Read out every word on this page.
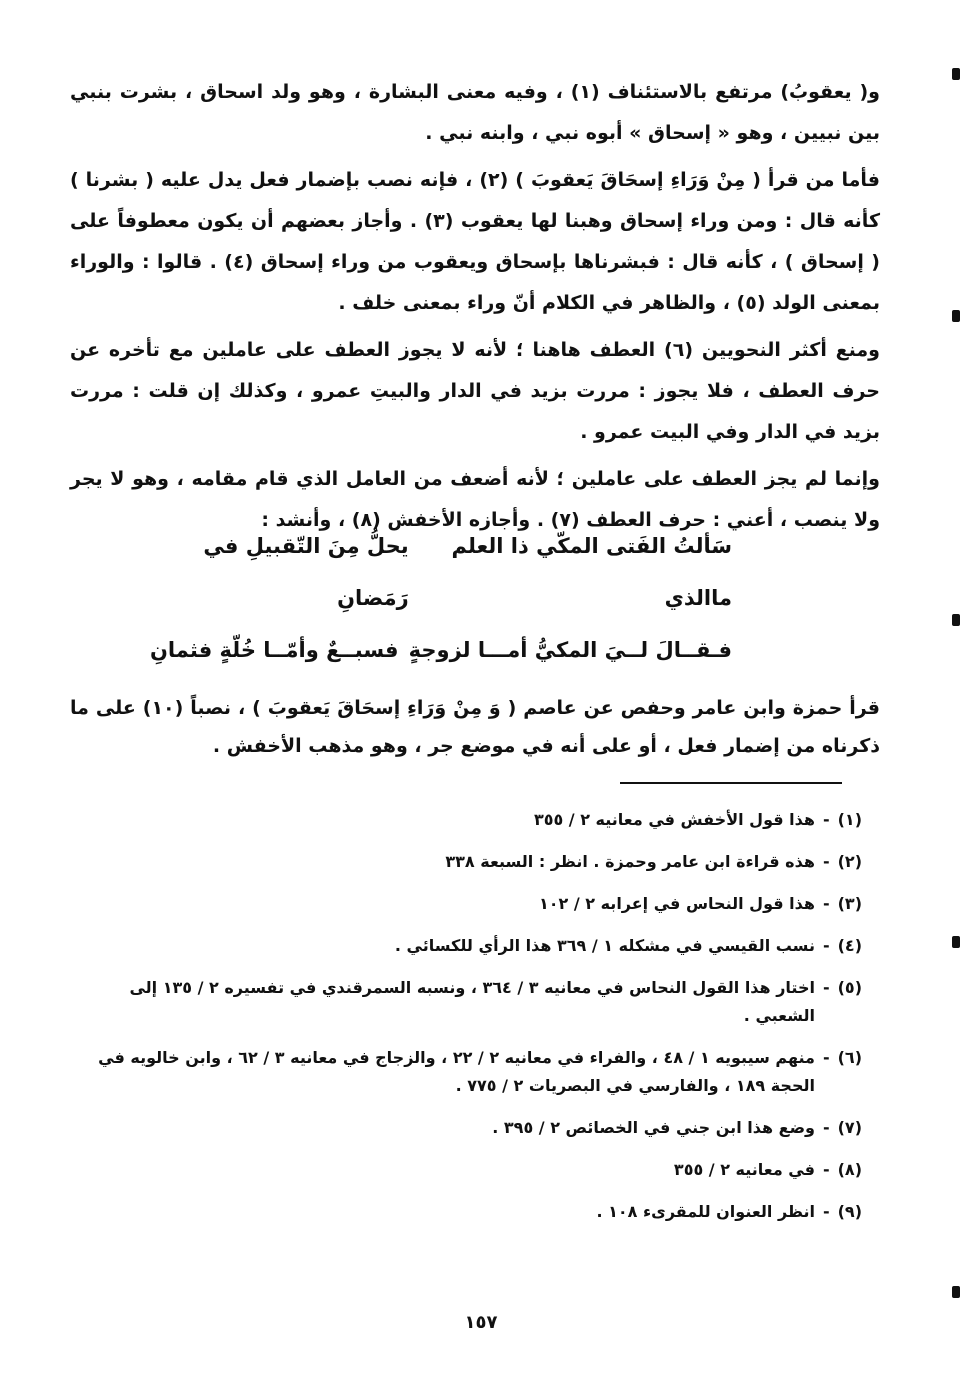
و( يعقوبُ) مرتفع بالاستئناف (١) ، وفيه معنى البشارة ، وهو ولد اسحاق ، بشرت بنبي بين نبيين ، وهو « إسحاق » أبوه نبي ، وابنه نبي .

فأما من قرأ ( مِنْ وَرَاءِ إسحَاقَ يَعقوبَ ) (٢) ، فإنه نصب بإضمار فعل يدل عليه ( بشرنا ) كأنه قال : ومن وراء إسحاق وهبنا لها يعقوب (٣) . وأجاز بعضهم أن يكون معطوفاً على ( إسحاق ) ، كأنه قال : فبشرناها بإسحاق ويعقوب من وراء إسحاق (٤) . قالوا : والوراء بمعنى الولد (٥) ، والظاهر في الكلام أنّ وراء بمعنى خلف .

ومنع أكثر النحويين (٦) العطف هاهنا ؛ لأنه لا يجوز العطف على عاملين مع تأخره عن حرف العطف ، فلا يجوز : مررت بزيد في الدار والبيتِ عمرو ، وكذلك إن قلت : مررت بزيد في الدار وفي البيت عمرو .

وإنما لم يجز العطف على عاملين ؛ لأنه أضعف من العامل الذي قام مقامه ، وهو لا يجر ولا ينصب ، أعني : حرف العطف (٧) . وأجازه الأخفش (٨) ، وأنشد :

سَألتُ الفَتى المكّي ذا العلم ماالذي
يحلُّ مِنَ التّقبيلِ في رَمَضانِ
فـقــالَ لــيَ المكيُّ أمـــا لزوجةٍ
فسبــعٌ وأمّــا خُلّةٍ فثمانِ

قرأ حمزة وابن عامر وحفص عن عاصم ( وَ مِنْ وَرَاءِ إسحَاقَ يَعقوبَ ) ، نصباً (١٠) على ما ذكرناه من إضمار فعل ، أو على أنه في موضع جر ، وهو مذهب الأخفش .

(١)
-
هذا قول الأخفش في معانيه ٢ / ٣٥٥
(٢)
-
هذه قراءة ابن عامر وحمزة . انظر : السبعة ٣٣٨
(٣)
-
هذا قول النحاس في إعرابه ٢ / ١٠٢
(٤)
-
نسب القيسي في مشكله ١ / ٣٦٩ هذا الرأي للكسائي .
(٥)
-
اختار هذا القول النحاس في معانيه ٣ / ٣٦٤ ، ونسبه السمرقندي في تفسيره ٢ / ١٣٥ إلى الشعبي .
(٦)
-
منهم سيبويه ١ / ٤٨ ، والفراء في معانيه ٢ / ٢٢ ، والزجاج في معانيه ٣ / ٦٢ ، وابن خالويه في الحجة ١٨٩ ، والفارسي في البصريات ٢ / ٧٧٥ .
(٧)
-
وضع هذا ابن جني في الخصائص ٢ / ٣٩٥ .
(٨)
-
في معانيه ٢ / ٣٥٥
(٩)
-
انظر العنوان للمقرىء ١٠٨ .
١٥٧
